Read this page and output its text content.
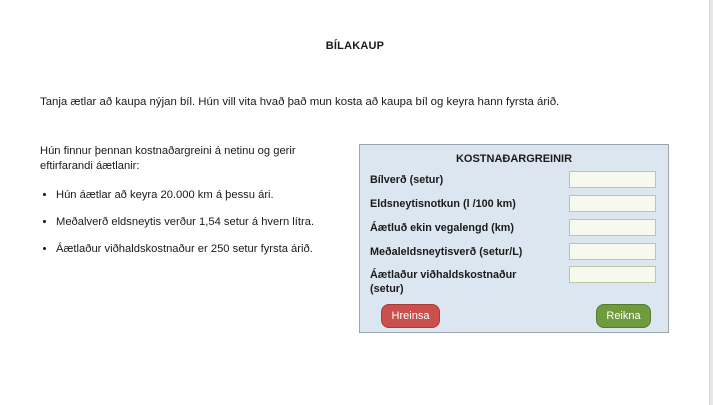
BÍLAKAUP
Tanja ætlar að kaupa nýjan bíl. Hún vill vita hvað það mun kosta að kaupa bíl og keyra hann fyrsta árið.
Hún finnur þennan kostnaðargreini á netinu og gerir
eftirfarandi áætlanir:
• Hún áætlar að keyra 20.000 km á þessu ári.
• Meðalverð eldsneytis verður 1,54 setur á hvern lítra.
• Áætlaður viðhaldskostnaður er 250 setur fyrsta árið.
KOSTNAÐARGREINIR
Bílverð (setur)
Eldsneytisnotkun (l /100 km)
Áætluð ekin vegalengd (km)
Meðaleldsneytisverð (setur/L)
Áætlaður viðhaldskostnaður
(setur)
Hreinsa	Reikna
